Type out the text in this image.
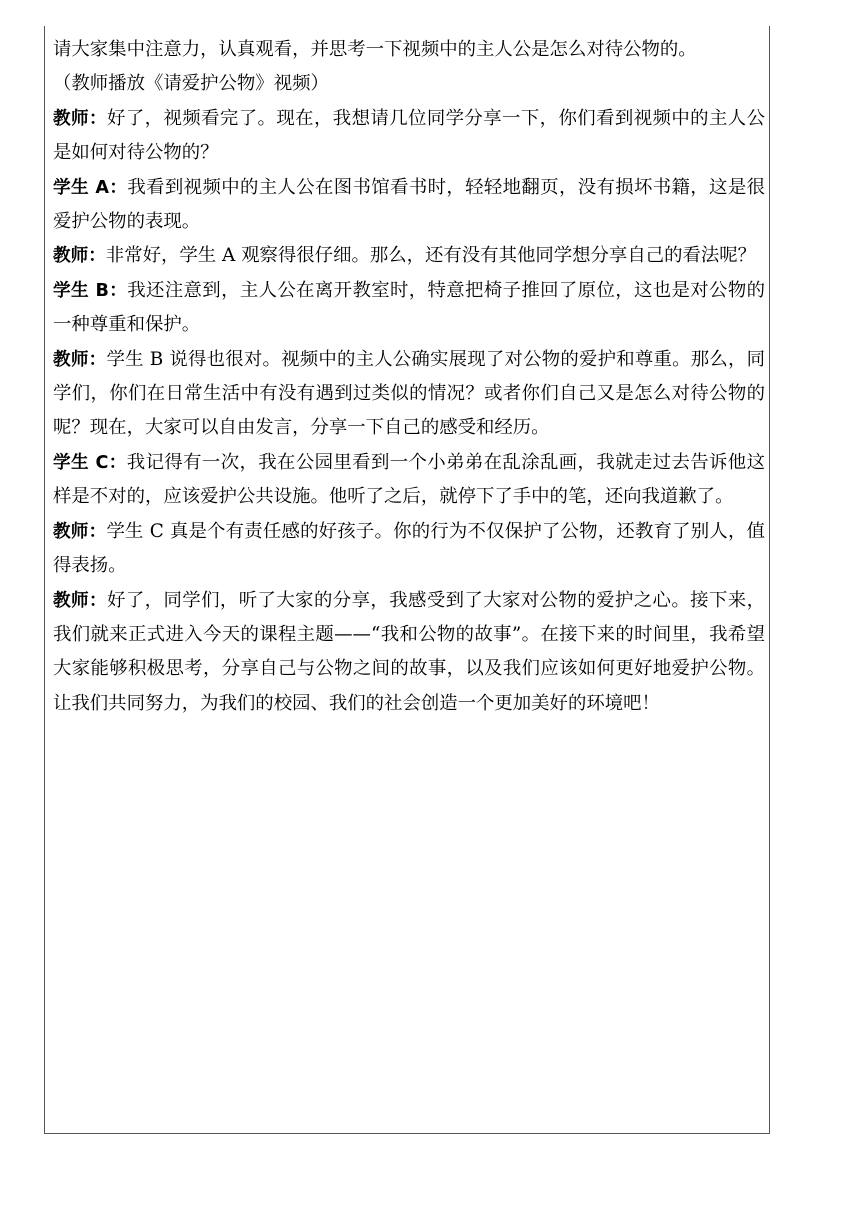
请大家集中注意力，认真观看，并思考一下视频中的主人公是怎么对待公物的。

（教师播放《请爱护公物》视频）

教师：好了，视频看完了。现在，我想请几位同学分享一下，你们看到视频中的主人公是如何对待公物的？

学生 A：我看到视频中的主人公在图书馆看书时，轻轻地翻页，没有损坏书籍，这是很爱护公物的表现。

教师：非常好，学生 A 观察得很仔细。那么，还有没有其他同学想分享自己的看法呢？

学生 B：我还注意到，主人公在离开教室时，特意把椅子推回了原位，这也是对公物的一种尊重和保护。

教师：学生 B 说得也很对。视频中的主人公确实展现了对公物的爱护和尊重。那么，同学们，你们在日常生活中有没有遇到过类似的情况？或者你们自己又是怎么对待公物的呢？现在，大家可以自由发言，分享一下自己的感受和经历。

学生 C：我记得有一次，我在公园里看到一个小弟弟在乱涂乱画，我就走过去告诉他这样是不对的，应该爱护公共设施。他听了之后，就停下了手中的笔，还向我道歉了。

教师：学生 C 真是个有责任感的好孩子。你的行为不仅保护了公物，还教育了别人，值得表扬。

教师：好了，同学们，听了大家的分享，我感受到了大家对公物的爱护之心。接下来，我们就来正式进入今天的课程主题——“我和公物的故事”。在接下来的时间里，我希望大家能够积极思考，分享自己与公物之间的故事，以及我们应该如何更好地爱护公物。让我们共同努力，为我们的校园、我们的社会创造一个更加美好的环境吧！
